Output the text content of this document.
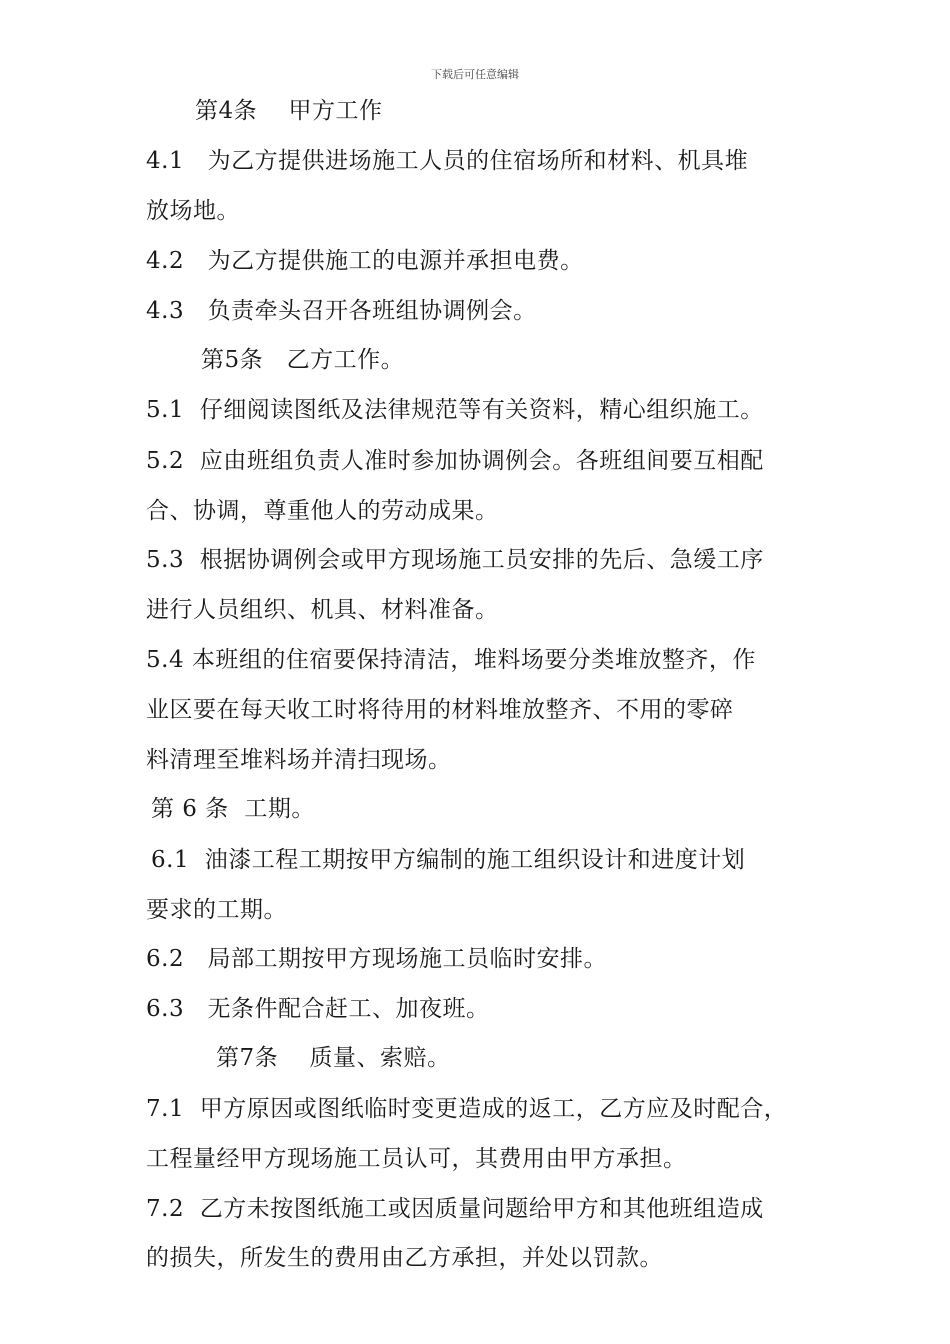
下载后可任意编辑
第4条　 甲方工作
4.1　为乙方提供进场施工人员的住宿场所和材料、机具堆
放场地。
4.2　为乙方提供施工的电源并承担电费。
4.3　负责牵头召开各班组协调例会。
第5条　乙方工作。
5.1  仔细阅读图纸及法律规范等有关资料，精心组织施工。
5.2  应由班组负责人准时参加协调例会。各班组间要互相配
合、协调，尊重他人的劳动成果。
5.3  根据协调例会或甲方现场施工员安排的先后、急缓工序
进行人员组织、机具、材料准备。
5.4 本班组的住宿要保持清洁，堆料场要分类堆放整齐，作
业区要在每天收工时将待用的材料堆放整齐、不用的零碎
料清理至堆料场并清扫现场。
第 6 条  工期。
6.1  油漆工程工期按甲方编制的施工组织设计和进度计划
要求的工期。
6.2   局部工期按甲方现场施工员临时安排。
6.3   无条件配合赶工、加夜班。
第7条　 质量、索赔。
7.1  甲方原因或图纸临时变更造成的返工，乙方应及时配合，
工程量经甲方现场施工员认可，其费用由甲方承担。
7.2  乙方未按图纸施工或因质量问题给甲方和其他班组造成
的损失，所发生的费用由乙方承担，并处以罚款。
